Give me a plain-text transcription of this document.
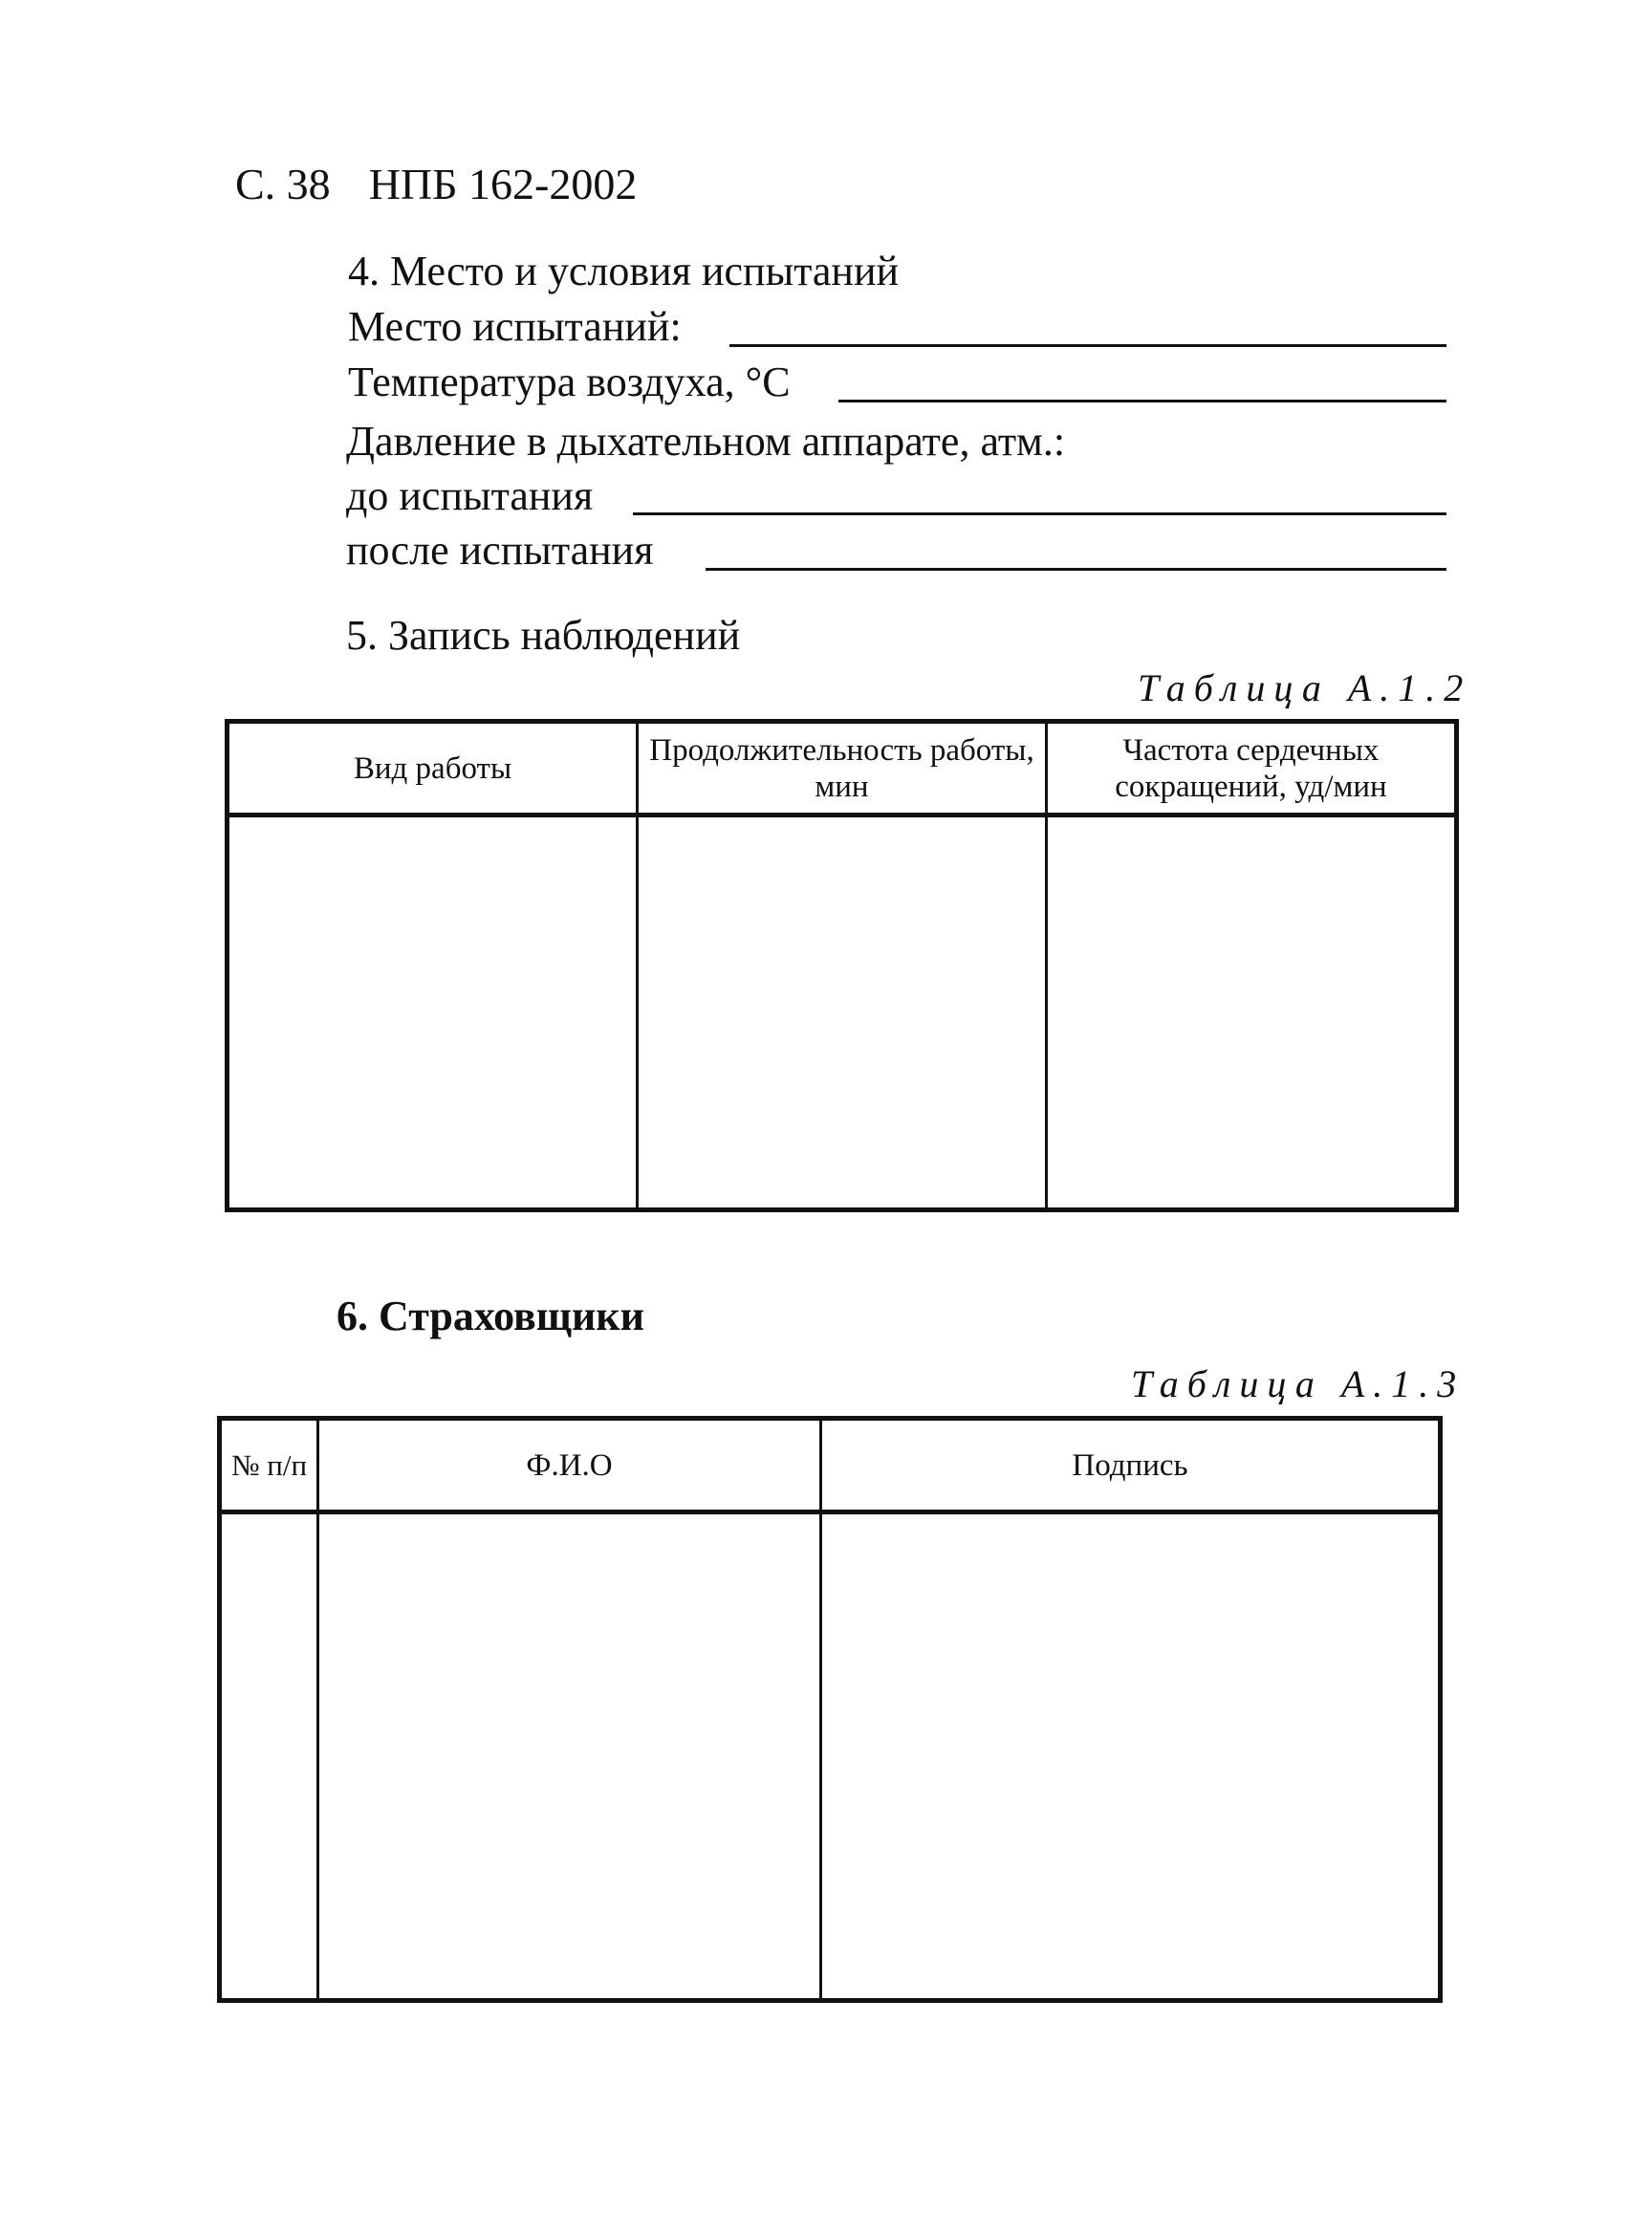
С. 38 НПБ 162-2002
4. Место и условия испытаний
Место испытаний:
Температура воздуха, °С
Давление в дыхательном аппарате, атм.:
до испытания
после испытания
5. Запись наблюдений
Таблица А.1.2
Вид работы	Продолжительность работы, мин	Частота сердечных сокращений, уд/мин

6. Страховщики
Таблица А.1.3
№ п/п	Ф.И.О	Подпись
